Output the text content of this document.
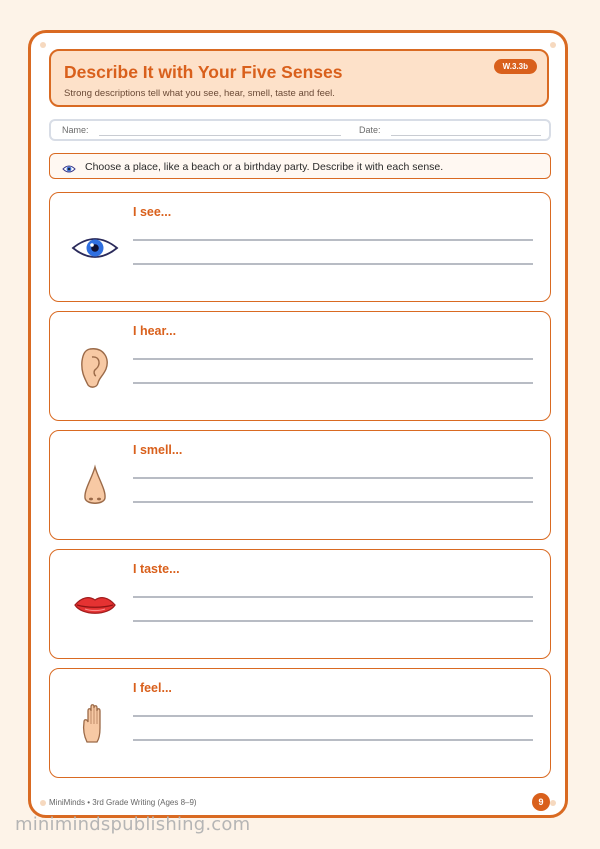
Describe It with Your Five Senses
Strong descriptions tell what you see, hear, smell, taste and feel.
W.3.3b
Name:	Date:
Choose a place, like a beach or a birthday party. Describe it with each sense.
I see...
I hear...
I smell...
I taste...
I feel...
MiniMinds • 3rd Grade Writing (Ages 8–9)	9
minimindspublishing.com
